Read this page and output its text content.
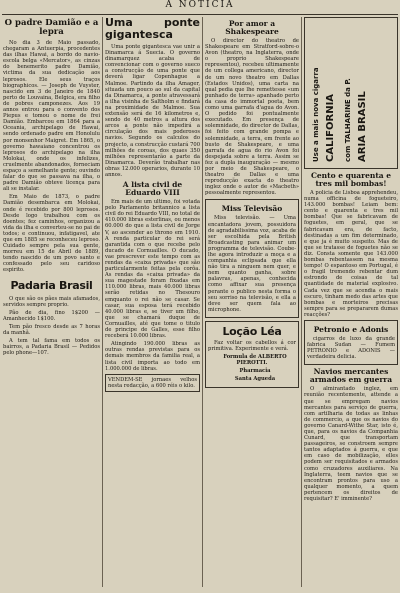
A NOTICIA
O padre Damião e a lepra

No dia 3 de Maio passado, chegaram a Antuerpia, procedentes das ilhas Hawai, a bordo do navio-escola belga «Mercator», as cinzas do benemerito padre Damião, victima da sua dedicação aos leprosos. Ele seus traços biographicos. — Joseph de Vuyster, nascido em 3 de Janeiro de 1840 perto de Louvaina, Belgica, era filho de pobres camponezes. Aos 19 annos entrou para o convento dos Piepus e tomou o nome de frei Damião. Embarcou em 1864 para a Oceania, archipelago de Hawai, sendo ordenado padre em Honolulu por monsenhor Maigret. Em 1865, o governo hawaiano concentrou os leprosos do archipelago na ilha Molokai, onde os infelizes, cruelmente abandonados, forneciam espaço a semelhante gente; ouvindo falar do que se passava na ilha, o padre Damião obteve licença para ali se instalar.

Em Maio de 1873, o padre Damião desembarca em Molokai, onde é recebido por 800 leprosos. Desde logo trabalhou com os doentes; fez caminhos, organizou a vida da ilha e converteu-se no pai de todos; e continuou, infatigavel, ate que em 1885 se reconheceu leproso. Cuidado sempre pela sua gente, morreu em 15 de Abril de 1889, tendo nascido de um povo santo e confessado pelo seu caridoso espirito.

Padaria Brasil

O que são os pães mais afamados, servidos sempre proprio.

Pão de dia, fino 1$200 —Amanhecido 1$100.

Tem pão fresco desde as 7 horas da manhã.

A tem tal fama em todos os bairros, a Padaria Brasil — Pedidos pelo phone—107.

Uma ponte gigantesca

Uma ponte gigantesca vae unir a Dinamarca á Suecia. O governo dinamarquez acaba de convencionar com o governo sueco a construcção de uma ponte que deverá ligar Copenhague a Malmoe. Partindo da ilha Amager, situada um pouco ao sul da capital da Dinamarca, a ponte atravessará a ilha visinha de Saltholm e findará na proximidade de Malmoe. Sua extensão será de 16 kilometros e, sendo de 40 metros a altura dos arcos a ponte não impedirá a circulação dos mais poderosos navios. Segundo os calculos do projecto, a construcção custará 700 milhões de coroas, dos quaes 350 milhões representarão a parte da Dinamarca. Deverão trabalhar nas obras 12.000 operarios, durante 10 annos.

A lista civil de Eduardo VIII

Em mais de um ultimo, foi votada pelo Parlamento britannico a lista civil do rei Eduardo VIII, no total de 410.000 libras esterlinas, ou menos 60.000 do que a lista civil de Jorge V, ao ascender ao throno em 1910. A renda particular do rei será garantida com o que recebe pelo ducado de Cornuailles. O ducado, vae prescrever este tempo com as rendas da «caixa privada» que são particularmente feitas pela corôa. As rendas da «caixa privada» da sua magestade foram fixadas em 110.000 libras, mais 40.000 libras serão retidas no Thesouro emquanto o rei não se casar. Se casar, sua esposa terá recebido 40.000 libras e, se tiver um filho, que se chamará duque de Cornuailles, até que tome o titulo de principe de Galles, esse filho receberá 10.000 libras.

Atingindo 190.000 libras as outras rendas previstas para os demais membros da familia real, a lista civil importa ao todo em 1.000.000 de libras.

VENDEM-SE jornaes velhos nesta redacção, a 600 réis o kilo.
Por amor a Shakespeare

O director do theatro de Shakespeare em Stratford-sobre-o Avon (theatro, na Inglaterra, onde o proprio Shakespeare representou), recebeu ultimamente de um collega americano, director de um novo theatro em Dallas (Estados Unidos), uma carta na qual pedia que lhe remettesse «um punhado de terra» apanhado perto da casa do immortal poeta, bem como uma garrafa d'agua do Avon. O pedido foi pontualmente executado. Em presença de solemnidade, do director de Dallas, foi feito com grande pompa e solemnidade, a terra, em frente ao busto de Shakespeare, e uma garrafa de agua do rio Avon foi despejada sobre a terra. Assim se fez a dupla inauguração — mesmo por meio de Shakespeare, o theatro de Dallas e uma reproducção exacta do theatro inglez onde o autor de «Macbeth» pessoalmente representou.

Miss Televisão

Miss televisão. — Uma encantadora jovem, possuidora de agradabilissima voz, acaba de ser escolhida pela British Broadcasting para animar um programma de televisão. Coube-lhe agora introduzir a moça e a companhia eclipsada que ella não tira a ninguem nem quer, e nem quanto ganha, sobre palavras, apenas, conhecida como affixar sua presença perante o publico nesta forma o seu sorriso na televisão, e ella a deve ser quem fala ao microphone.

Loção Léa

Faz voltar os cabellos á cor primitiva. Experimente e verá.

Formula de ALBERTO PIEROTTI.

Pharmacia

Santa Agueda

Use a mais nova cigarra CALIFORNIA com TALHARINE da P. ARIA BRASIL
Cento e quarenta e tres mil bombas!

A policia de Lisboa apprehendeu, numa officina de fogueteiro, 143.000 bombas! Leiam bem: cento e quarenta e tres mil bombas! Que se fabricavam de foguetes, em geral, que se fabricavam era, de facto, destinadas a um fim determinado, e que ja é muito suspeito. Mas de que se tratasse de foguetes não se diz. Consta somente que 143.000 bombas rebentassem na mesma tempo! O espantoso em Portugal, é o fragil tremendo rebentar dum estrondo de coisas de tal quantidade de material explosivo. Cada vez que se acendia o mais escuro, tinham medo das artes que bombas e morteiros precisas sempre para se prepararem dumas reacções?

Petronio e Adonis

cigarros de luxo da grande fabrica Sudan — Fumem PETRONIO e ADONIS — verdadeira delicia.

Navios mercantes armados em guerra

O almirantado inglez, em reunião recentemente, attende a que se empregam navios mercantes para serviço de guerra, com artilharia de todas as linhas de commercio, a que os navios do governo Canard-Withe Star, isto é, que, para os navios da Companhia Cunard, que transportam passageiros, se constroem sempre tantos adaptados á guerra, e que em caso de mobilização, elles podem ser requisitados e armados como cruzadores auxiliares. Na Inglaterra, teem navios que se encontram prontos para uso a qualquer momento, a quem pertencem os direitos de requisitar? E' imminente?
